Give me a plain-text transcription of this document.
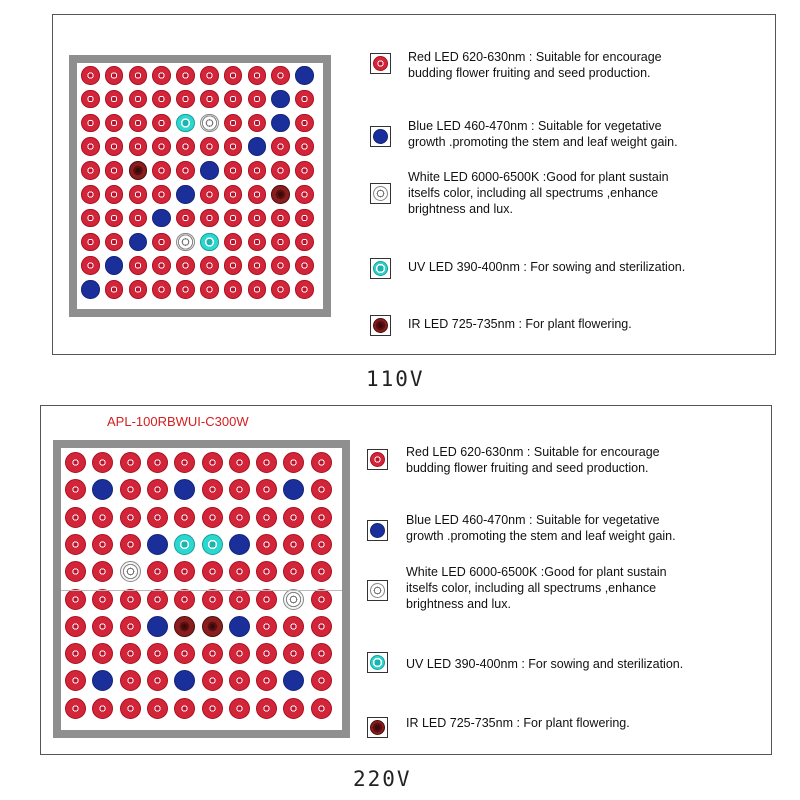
Red LED 620-630nm : Suitable for encourage
budding flower fruiting and seed production.
Blue LED 460-470nm : Suitable for vegetative
growth .promoting the stem and leaf weight gain.
White LED 6000-6500K :Good for plant sustain
itselfs color, including all spectrums ,enhance
brightness and lux.
UV LED 390-400nm : For sowing and sterilization.
IR LED 725-735nm : For plant flowering.
110V
APL-100RBWUI-C300W
Red LED 620-630nm : Suitable for encourage
budding flower fruiting and seed production.
Blue LED 460-470nm : Suitable for vegetative
growth .promoting the stem and leaf weight gain.
White LED 6000-6500K :Good for plant sustain
itselfs color, including all spectrums ,enhance
brightness and lux.
UV LED 390-400nm : For sowing and sterilization.
IR LED 725-735nm : For plant flowering.
220V
